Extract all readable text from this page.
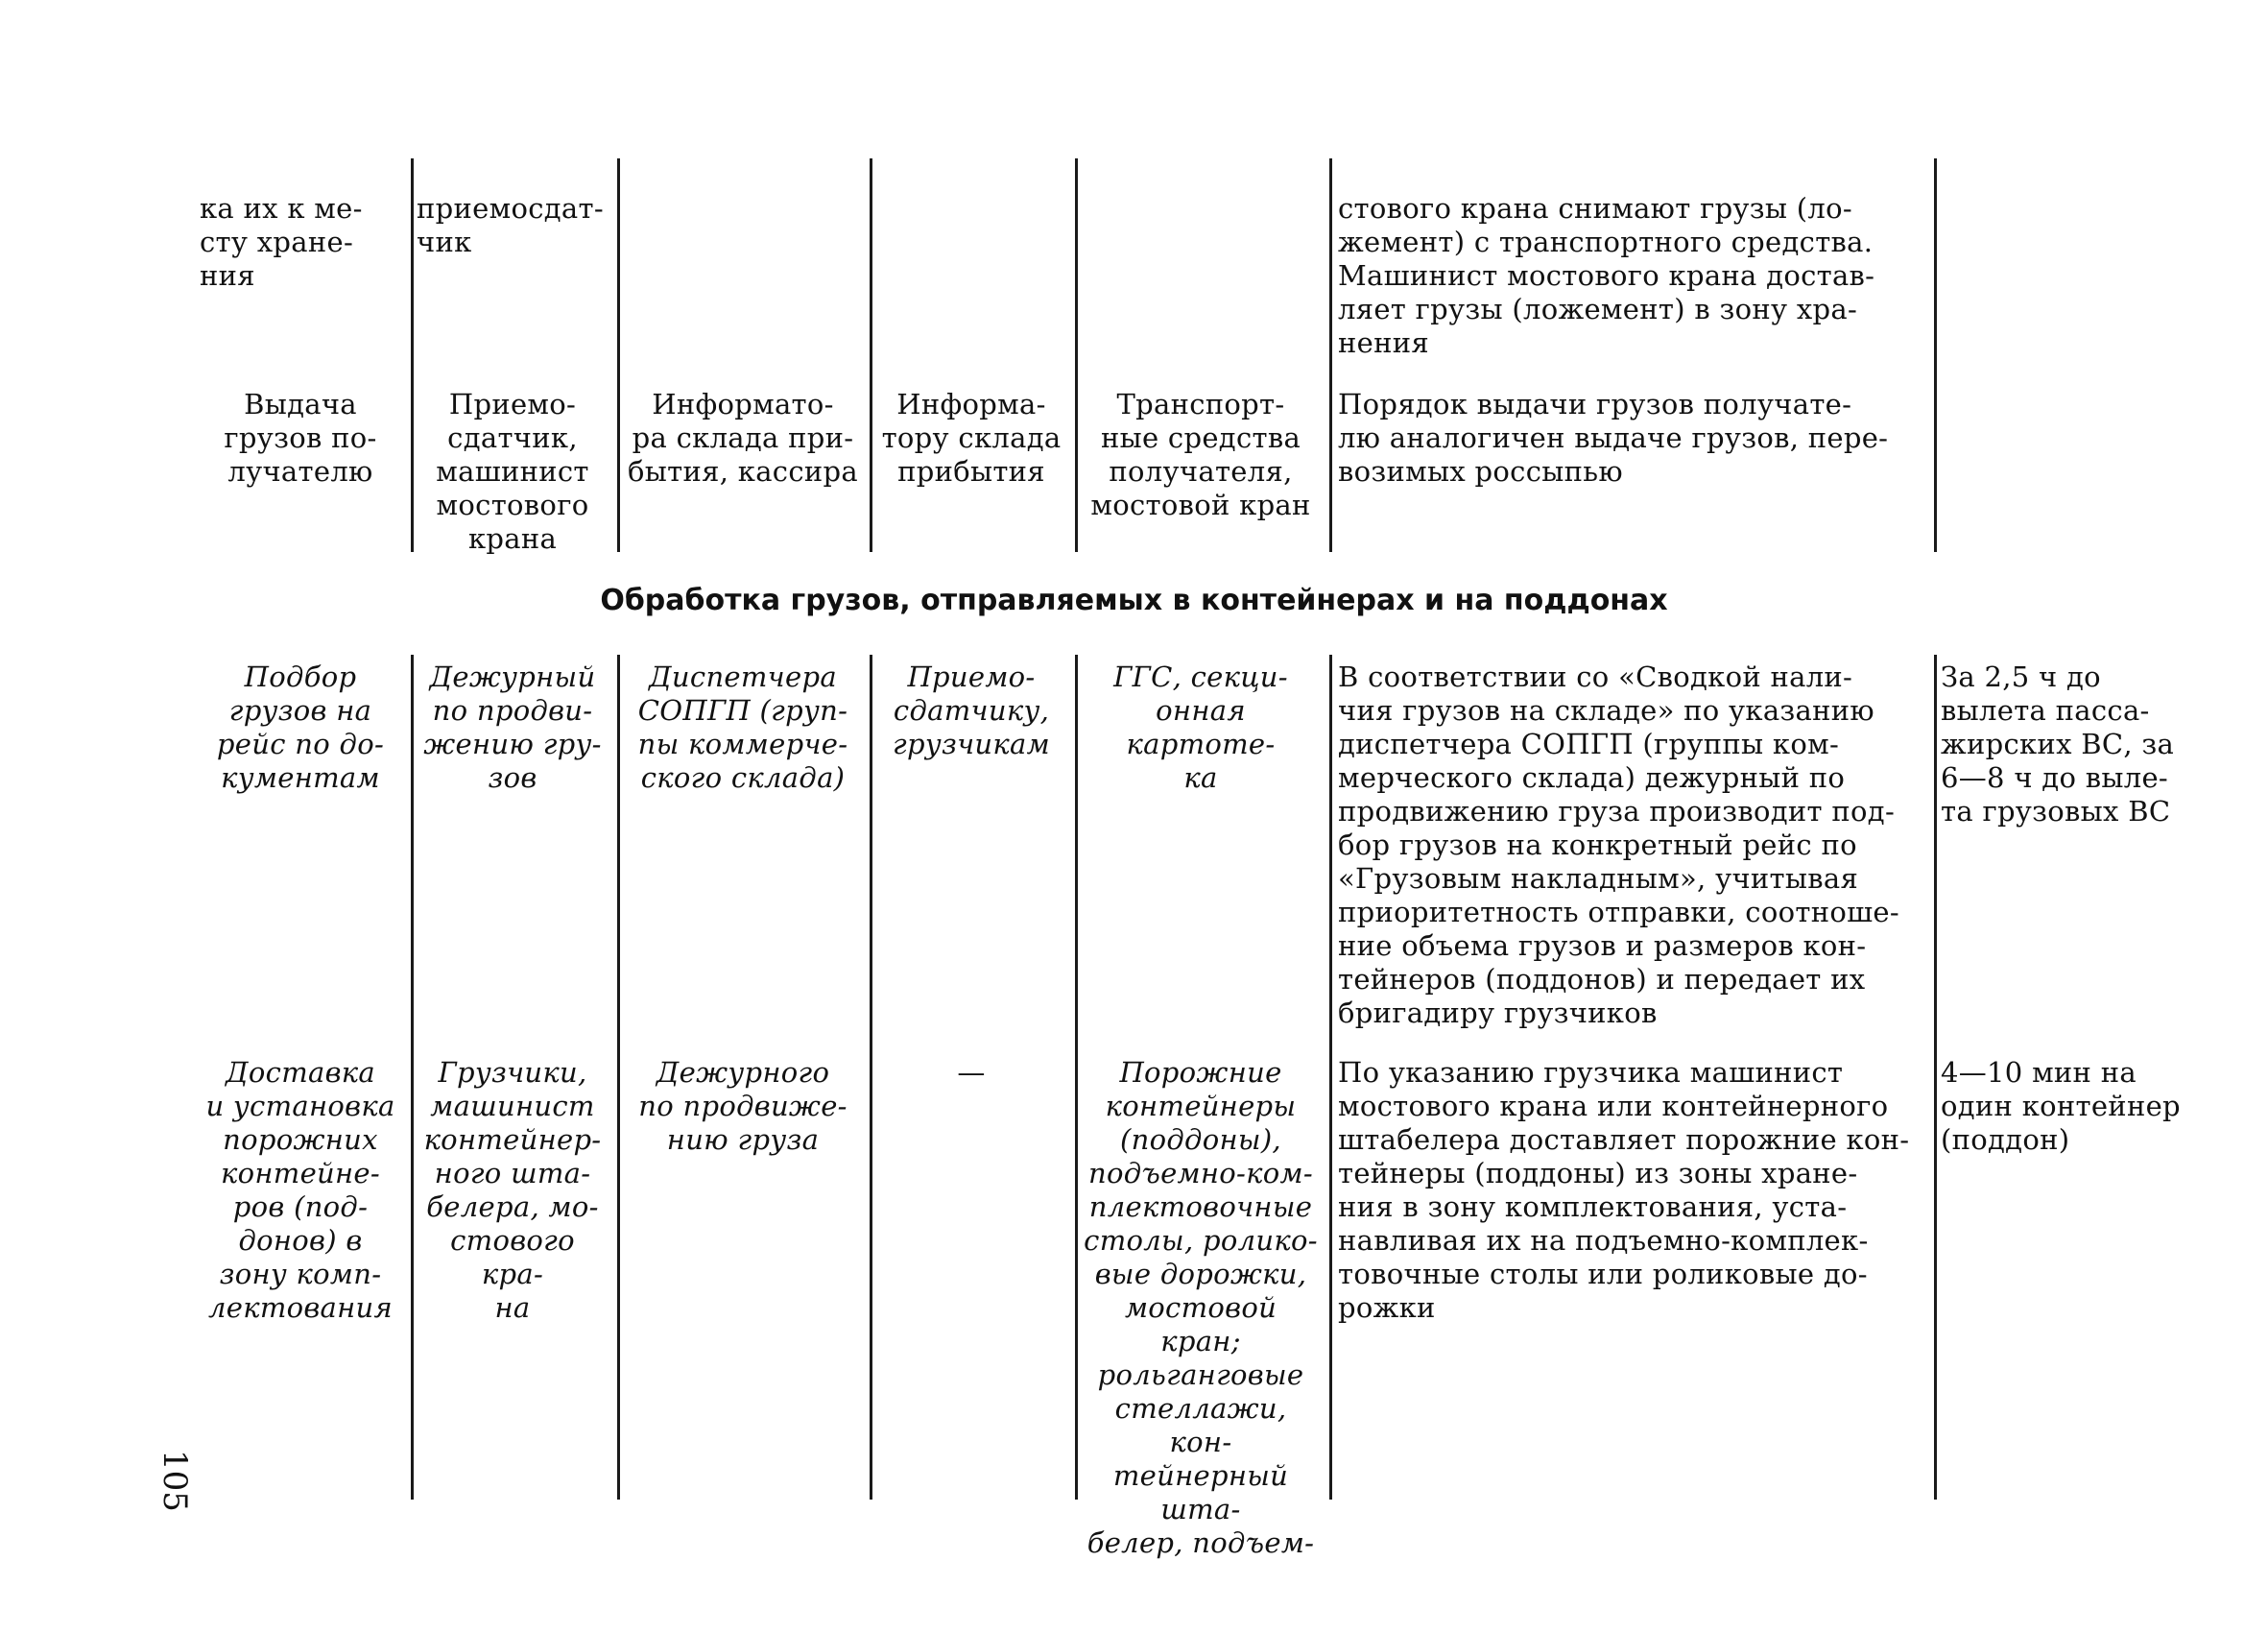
ка их к ме-
сту хране-
ния
приемосдат-
чик
стового крана снимают грузы (ло-
жемент) с транспортного средства.
Машинист мостового крана достав-
ляет грузы (ложемент) в зону хра-
нения
Выдача
грузов по-
лучателю
Приемо-
сдатчик,
машинист
мостового
крана
Информато-
ра склада при-
бытия, кассира
Информа-
тору склада
прибытия
Транспорт-
ные средства
получателя,
мостовой кран
Порядок выдачи грузов получате-
лю аналогичен выдаче грузов, пере-
возимых россыпью
Обработка грузов, отправляемых в контейнерах и на поддонах
Подбор
грузов на
рейс по до-
кументам
Дежурный
по продви-
жению гру-
зов
Диспетчера
СОПГП (груп-
пы коммерче-
ского склада)
Приемо-
сдатчику,
грузчикам
ГГС, секци-
онная картоте-
ка
В соответствии со «Сводкой нали-
чия грузов на складе» по указанию
диспетчера СОПГП (группы ком-
мерческого склада) дежурный по
продвижению груза производит под-
бор грузов на конкретный рейс по
«Грузовым накладным», учитывая
приоритетность отправки, соотноше-
ние объема грузов и размеров кон-
тейнеров (поддонов) и передает их
бригадиру грузчиков
За 2,5 ч до
вылета пасса-
жирских ВС, за
6—8 ч до выле-
та грузовых ВС
Доставка
и установка
порожних
контейне-
ров (под-
донов) в
зону комп-
лектования
Грузчики,
машинист
контейнер-
ного шта-
белера, мо-
стового кра-
на
Дежурного
по продвиже-
нию груза
—	Порожние
контейнеры
(поддоны),
подъемно-ком-
плектовочные
столы, ролико-
вые дорожки,
мостовой кран;
рольганговые
стеллажи, кон-
тейнерный шта-
белер, подъем-
По указанию грузчика машинист
мостового крана или контейнерного
штабелера доставляет порожние кон-
тейнеры (поддоны) из зоны хране-
ния в зону комплектования, уста-
навливая их на подъемно-комплек-
товочные столы или роликовые до-
рожки
4—10 мин на
один контейнер
(поддон)
105
